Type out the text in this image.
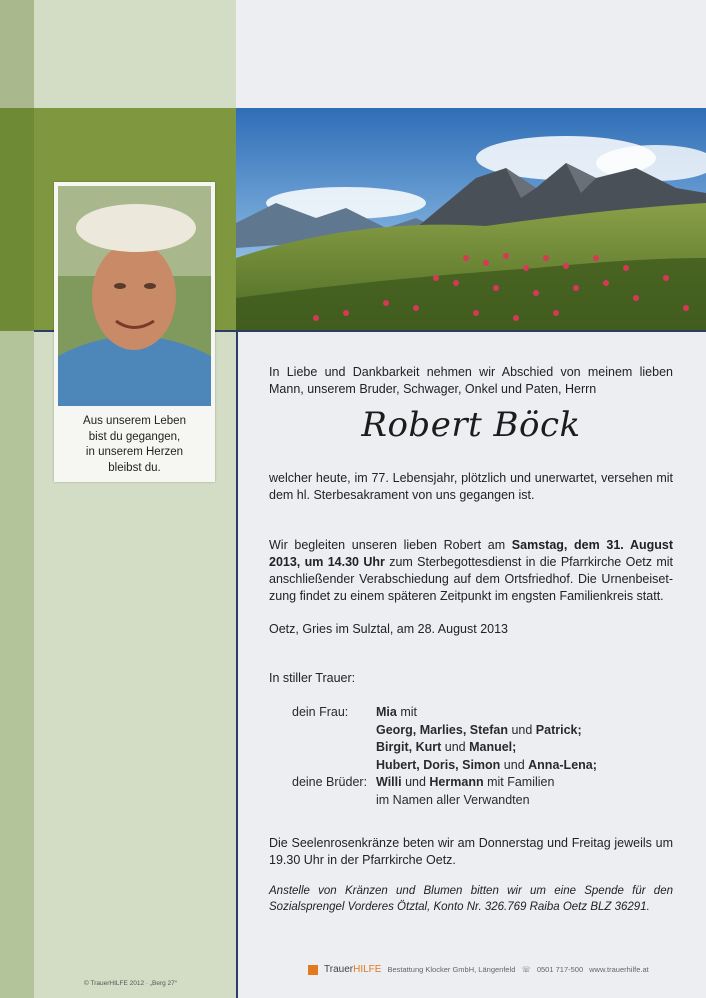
Aus unserem Leben
bist du gegangen,
in unserem Herzen
bleibst du.
In Liebe und Dankbarkeit nehmen wir Abschied von meinem lieben Mann, unserem Bruder, Schwager, Onkel und Paten, Herrn
Robert Böck
welcher heute, im 77. Lebensjahr, plötzlich und unerwartet, versehen mit dem hl. Sterbesakrament von uns gegangen ist.
Wir begleiten unseren lieben Robert am Samstag, dem 31. August 2013, um 14.30 Uhr zum Sterbegottesdienst in die Pfarrkirche Oetz mit anschließender Verabschiedung auf dem Ortsfriedhof. Die Urnenbeiset-zung findet zu einem späteren Zeitpunkt im engsten Familienkreis statt.
Oetz, Gries im Sulztal, am 28. August 2013
In stiller Trauer:
dein Frau: Mia mit
Georg, Marlies, Stefan und Patrick;
Birgit, Kurt und Manuel;
Hubert, Doris, Simon und Anna-Lena;
deine Brüder: Willi und Hermann mit Familien
im Namen aller Verwandten
Die Seelenrosenkränze beten wir am Donnerstag und Freitag jeweils um 19.30 Uhr in der Pfarrkirche Oetz.
Anstelle von Kränzen und Blumen bitten wir um eine Spende für den Sozialsprengel Vorderes Ötztal, Konto Nr. 326.769 Raiba Oetz BLZ 36291.
© TrauerHILFE 2012 · „Berg 27“
TrauerHILFE Bestattung Klocker GmbH, Längenfeld ☏ 0501 717-500 www.trauerhilfe.at
